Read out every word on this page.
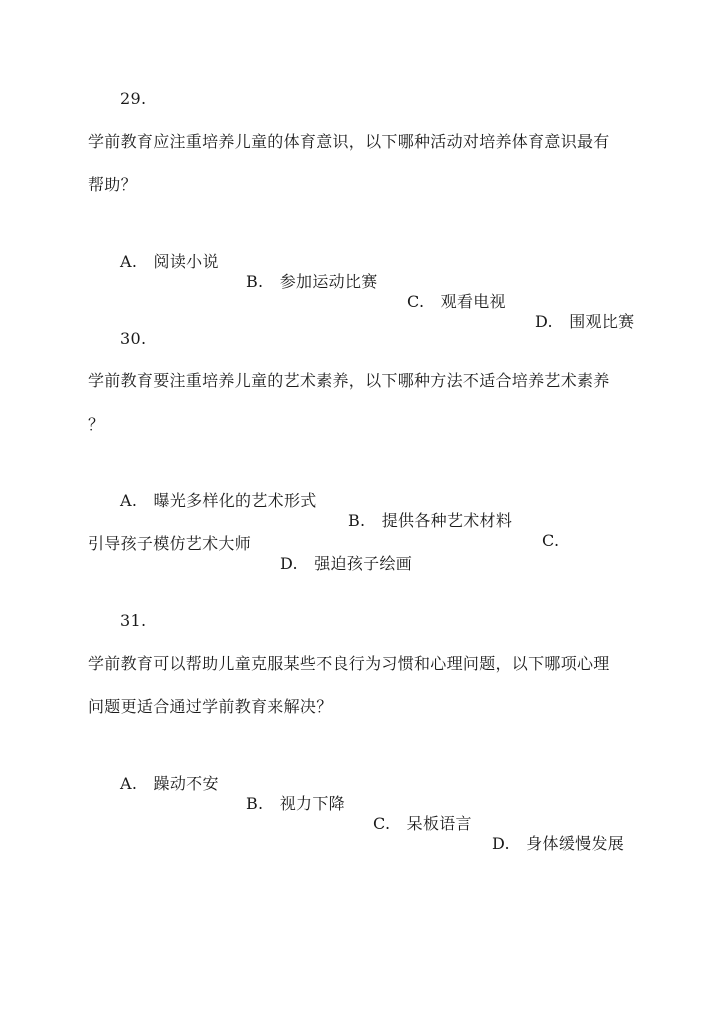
29.
学前教育应注重培养儿童的体育意识，以下哪种活动对培养体育意识最有
帮助？

A.　阅读小说

B.　参加运动比赛

C.　观看电视

D.　围观比赛

30.
学前教育要注重培养儿童的艺术素养，以下哪种方法不适合培养艺术素养
？

A.　曝光多样化的艺术形式

B.　提供各种艺术材料

C.

引导孩子模仿艺术大师

D.　强迫孩子绘画

31.
学前教育可以帮助儿童克服某些不良行为习惯和心理问题，以下哪项心理
问题更适合通过学前教育来解决？

A.　躁动不安

B.　视力下降

C.　呆板语言

D.　身体缓慢发展
